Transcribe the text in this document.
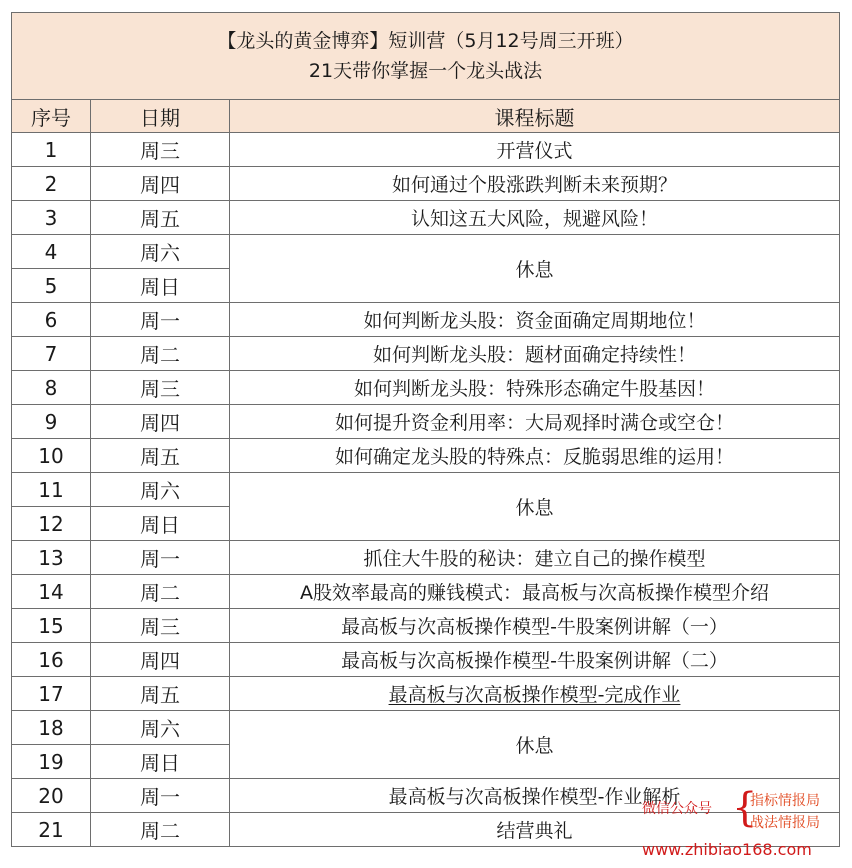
【龙头的黄金博弈】短训营（5月12号周三开班）
21天带你掌握一个龙头战法		

序号	日期	课程标题
1	周三	开营仪式
2	周四	如何通过个股涨跌判断未来预期？
3	周五	认知这五大风险，规避风险！
4	周六	休息
5	周日	
6	周一	如何判断龙头股：资金面确定周期地位！
7	周二	如何判断龙头股：题材面确定持续性！
8	周三	如何判断龙头股：特殊形态确定牛股基因！
9	周四	如何提升资金利用率：大局观择时满仓或空仓！
10	周五	如何确定龙头股的特殊点：反脆弱思维的运用！
11	周六	休息
12	周日	
13	周一	抓住大牛股的秘诀：建立自己的操作模型
14	周二	A股效率最高的赚钱模式：最高板与次高板操作模型介绍
15	周三	最高板与次高板操作模型-牛股案例讲解（一）
16	周四	最高板与次高板操作模型-牛股案例讲解（二）
17	周五	最高板与次高板操作模型-完成作业
18	周六	休息
19	周日	
20	周一	最高板与次高板操作模型-作业解析
21	周二	结营典礼
微信公众号 {
指标情报局
战法情报局
www.zhibiao168.com
